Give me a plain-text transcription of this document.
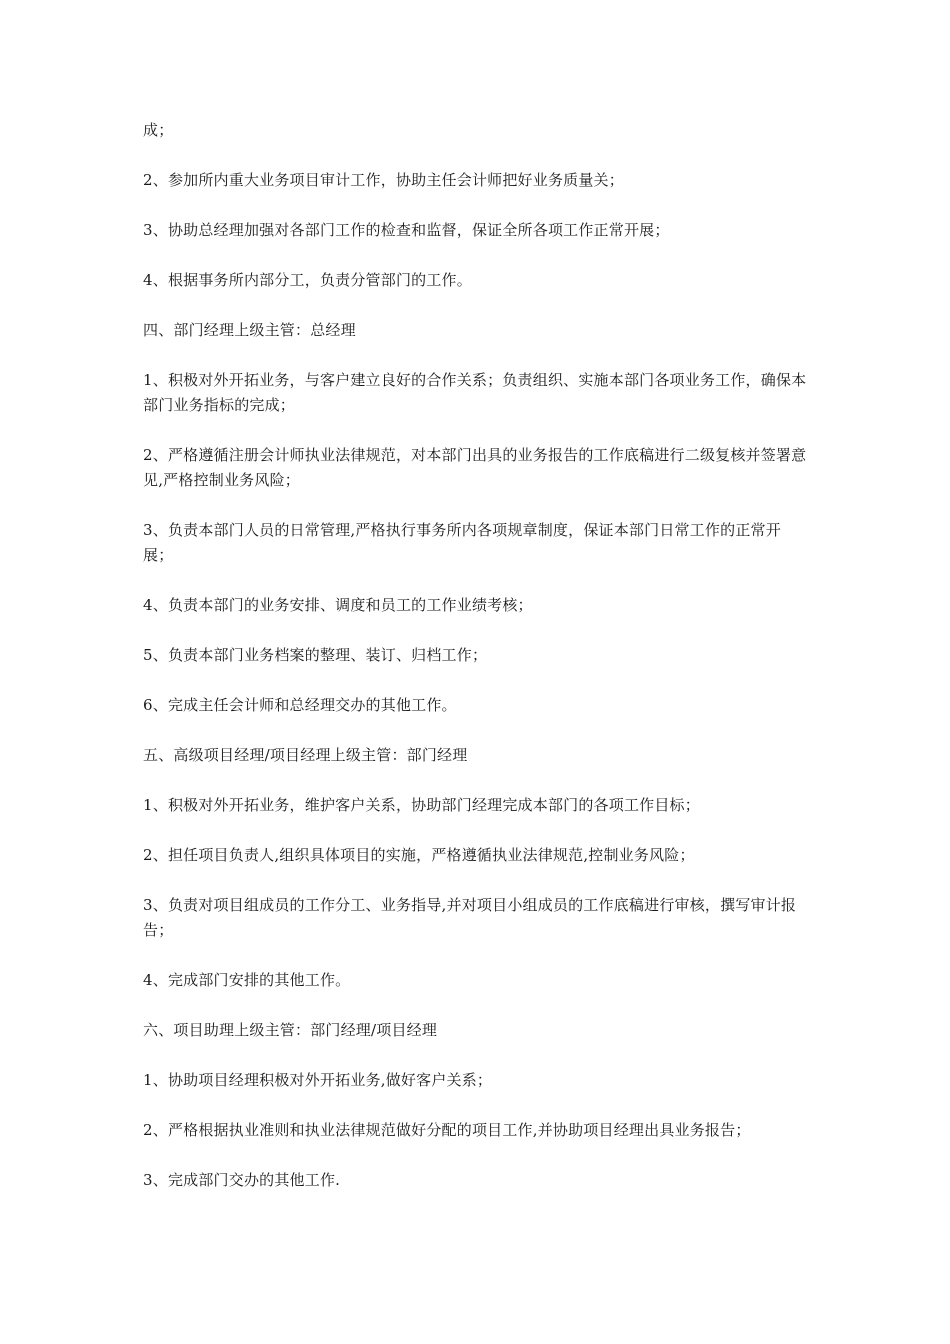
成；

2、参加所内重大业务项目审计工作，协助主任会计师把好业务质量关；

3、协助总经理加强对各部门工作的检查和监督，保证全所各项工作正常开展；

4、根据事务所内部分工，负责分管部门的工作。

四、部门经理上级主管：总经理

1、积极对外开拓业务，与客户建立良好的合作关系；负责组织、实施本部门各项业务工作，确保本部门业务指标的完成；

2、严格遵循注册会计师执业法律规范，对本部门出具的业务报告的工作底稿进行二级复核并签署意见,严格控制业务风险；

3、负责本部门人员的日常管理,严格执行事务所内各项规章制度，保证本部门日常工作的正常开展；

4、负责本部门的业务安排、调度和员工的工作业绩考核；

5、负责本部门业务档案的整理、装订、归档工作；

6、完成主任会计师和总经理交办的其他工作。

五、高级项目经理/项目经理上级主管：部门经理

1、积极对外开拓业务，维护客户关系，协助部门经理完成本部门的各项工作目标；

2、担任项目负责人,组织具体项目的实施，严格遵循执业法律规范,控制业务风险；

3、负责对项目组成员的工作分工、业务指导,并对项目小组成员的工作底稿进行审核，撰写审计报告；

4、完成部门安排的其他工作。

六、项目助理上级主管：部门经理/项目经理

1、协助项目经理积极对外开拓业务,做好客户关系；

2、严格根据执业准则和执业法律规范做好分配的项目工作,并协助项目经理出具业务报告；

3、完成部门交办的其他工作.
